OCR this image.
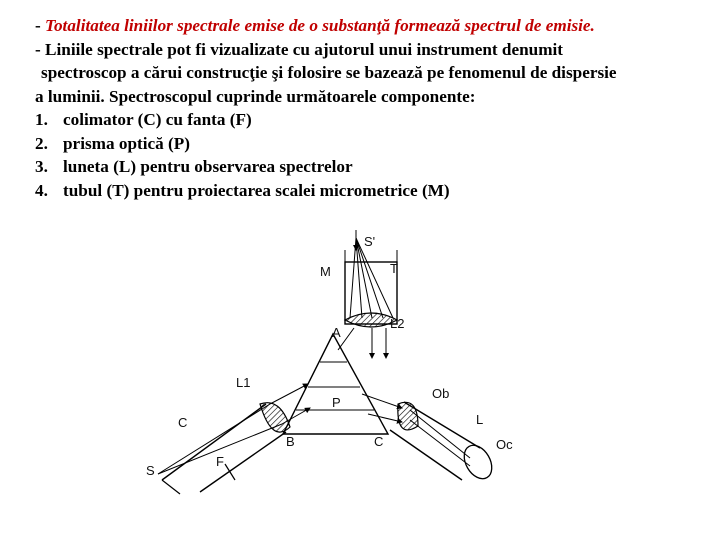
- Totalitatea liniilor spectrale emise de o substanţă formează spectrul de emisie.
- Liniile spectrale pot fi vizualizate cu ajutorul unui instrument denumit
spectroscop a cărui construcţie şi folosire se bazează pe fenomenul de dispersie
a luminii. Spectroscopul cuprinde următoarele componente:
1. colimator (C) cu fanta (F)
2. prisma optică (P)
3. luneta (L) pentru observarea spectrelor
4. tubul (T) pentru proiectarea scalei micrometrice (M)
S'
M	T
L2
A
L1
Ob
P
C	L
B	C	Oc
S
F
